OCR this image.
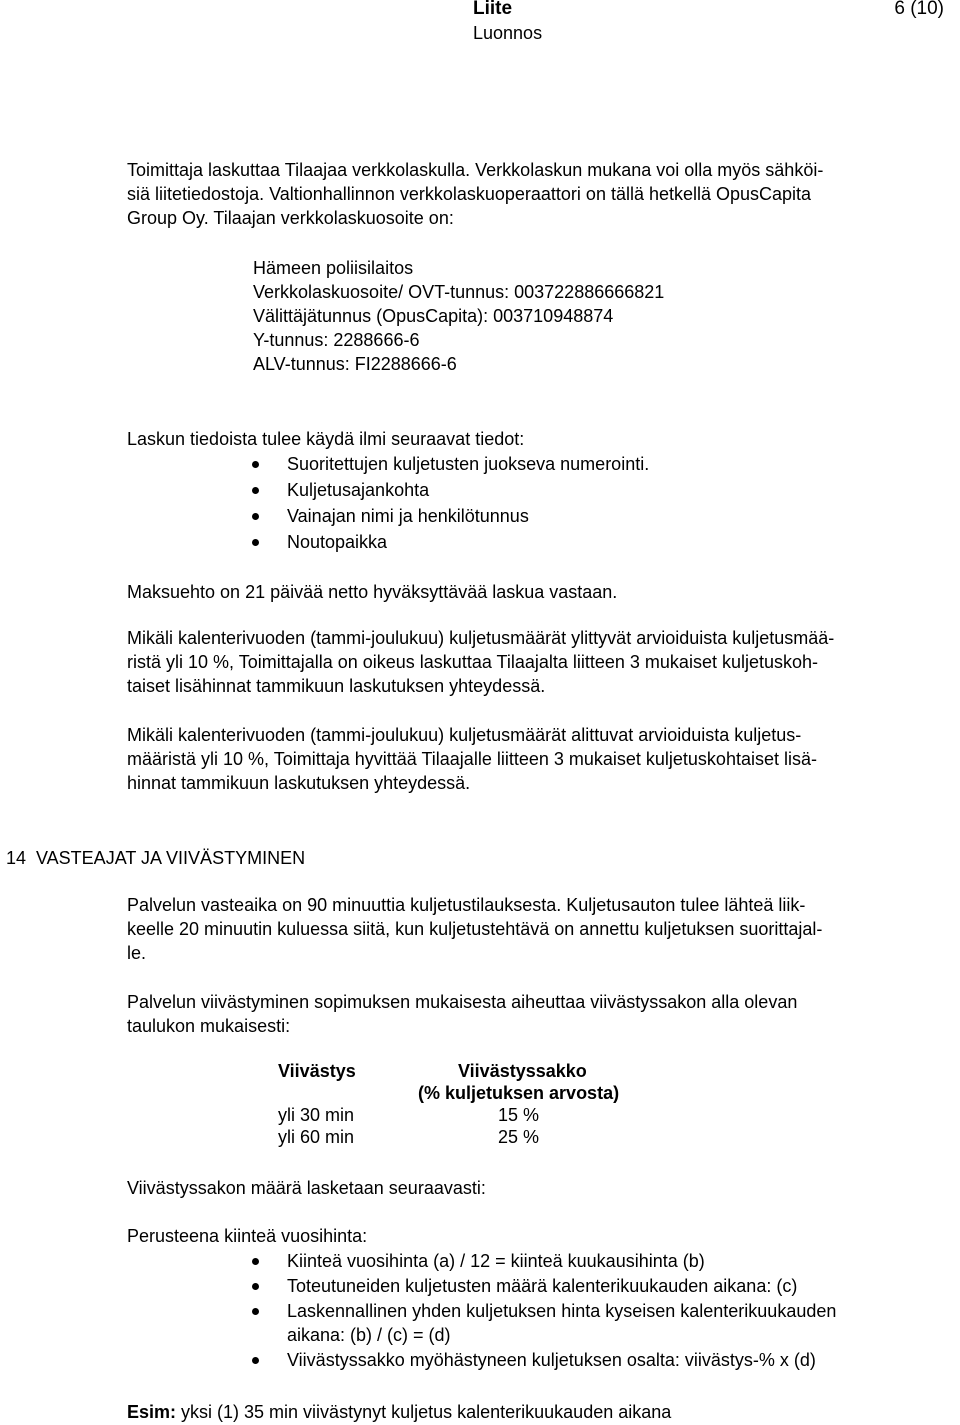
Liite	6 (10)
Luonnos

Toimittaja laskuttaa Tilaajaa verkkolaskulla. Verkkolaskun mukana voi olla myös sähköi-
siä liitetiedostoja. Valtionhallinnon verkkolaskuoperaattori on tällä hetkellä OpusCapita
Group Oy. Tilaajan verkkolaskuosoite on:

Hämeen poliisilaitos
Verkkolaskuosoite/ OVT-tunnus: 003722886666821
Välittäjätunnus (OpusCapita): 003710948874
Y-tunnus: 2288666-6
ALV-tunnus: FI2288666-6

Laskun tiedoista tulee käydä ilmi seuraavat tiedot:

Suoritettujen kuljetusten juokseva numerointi.
Kuljetusajankohta
Vainajan nimi ja henkilötunnus
Noutopaikka

Maksuehto on 21 päivää netto hyväksyttävää laskua vastaan.

Mikäli kalenterivuoden (tammi-joulukuu) kuljetusmäärät ylittyvät arvioiduista kuljetusmää-
ristä yli 10 %, Toimittajalla on oikeus laskuttaa Tilaajalta liitteen 3 mukaiset kuljetuskoh-
taiset lisähinnat tammikuun laskutuksen yhteydessä.

Mikäli kalenterivuoden (tammi-joulukuu) kuljetusmäärät alittuvat arvioiduista kuljetus-
määristä yli 10 %, Toimittaja hyvittää Tilaajalle liitteen 3 mukaiset kuljetuskohtaiset lisä-
hinnat tammikuun laskutuksen yhteydessä.

14 VASTEAJAT JA VIIVÄSTYMINEN

Palvelun vasteaika on 90 minuuttia kuljetustilauksesta. Kuljetusauton tulee lähteä liik-
keelle 20 minuutin kuluessa siitä, kun kuljetustehtävä on annettu kuljetuksen suorittajal-
le.

Palvelun viivästyminen sopimuksen mukaisesta aiheuttaa viivästyssakon alla olevan
taulukon mukaisesti:

Viivästys	Viivästyssakko
(% kuljetuksen arvosta)

yli 30 min	15 %
yli 60 min	25 %

Viivästyssakon määrä lasketaan seuraavasti:

Perusteena kiinteä vuosihinta:

Kiinteä vuosihinta (a) / 12 = kiinteä kuukausihinta (b)
Toteutuneiden kuljetusten määrä kalenterikuukauden aikana: (c)
Laskennallinen yhden kuljetuksen hinta kyseisen kalenterikuukauden
aikana: (b) / (c) = (d)
Viivästyssakko myöhästyneen kuljetuksen osalta: viivästys-% x (d)

Esim: yksi (1) 35 min viivästynyt kuljetus kalenterikuukauden aikana
